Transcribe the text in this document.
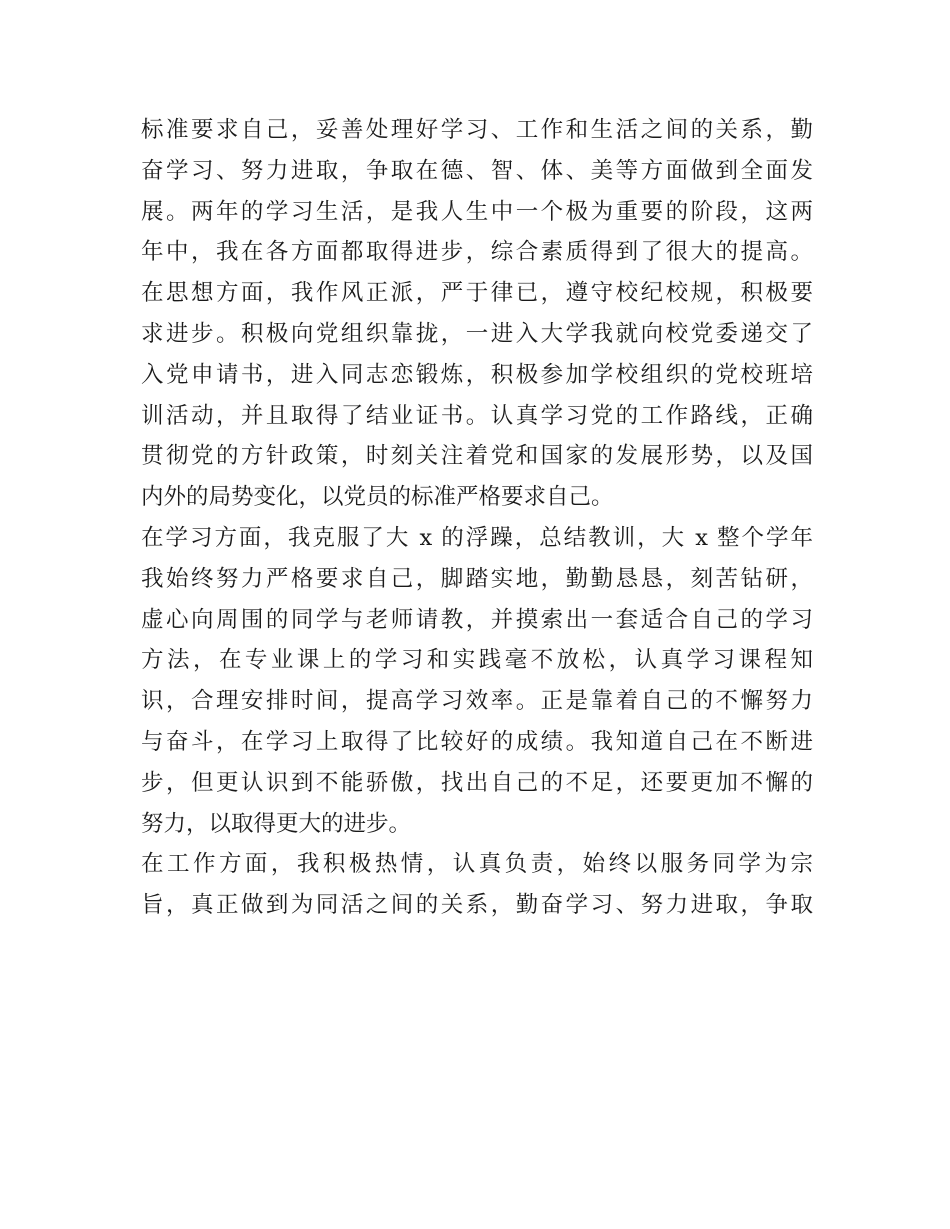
标准要求自己，妥善处理好学习、工作和生活之间的关系，勤
奋学习、努力进取，争取在德、智、体、美等方面做到全面发
展。两年的学习生活，是我人生中一个极为重要的阶段，这两
年中，我在各方面都取得进步，综合素质得到了很大的提高。
在思想方面，我作风正派，严于律已，遵守校纪校规，积极要
求进步。积极向党组织靠拢，一进入大学我就向校党委递交了
入党申请书，进入同志恋锻炼，积极参加学校组织的党校班培
训活动，并且取得了结业证书。认真学习党的工作路线，正确
贯彻党的方针政策，时刻关注着党和国家的发展形势，以及国
内外的局势变化，以党员的标准严格要求自己。
在学习方面，我克服了大 x 的浮躁，总结教训，大 x 整个学年
我始终努力严格要求自己，脚踏实地，勤勤恳恳，刻苦钻研，
虚心向周围的同学与老师请教，并摸索出一套适合自己的学习
方法，在专业课上的学习和实践毫不放松，认真学习课程知
识，合理安排时间，提高学习效率。正是靠着自己的不懈努力
与奋斗，在学习上取得了比较好的成绩。我知道自己在不断进
步，但更认识到不能骄傲，找出自己的不足，还要更加不懈的
努力，以取得更大的进步。
在工作方面，我积极热情，认真负责，始终以服务同学为宗
旨，真正做到为同活之间的关系，勤奋学习、努力进取，争取
